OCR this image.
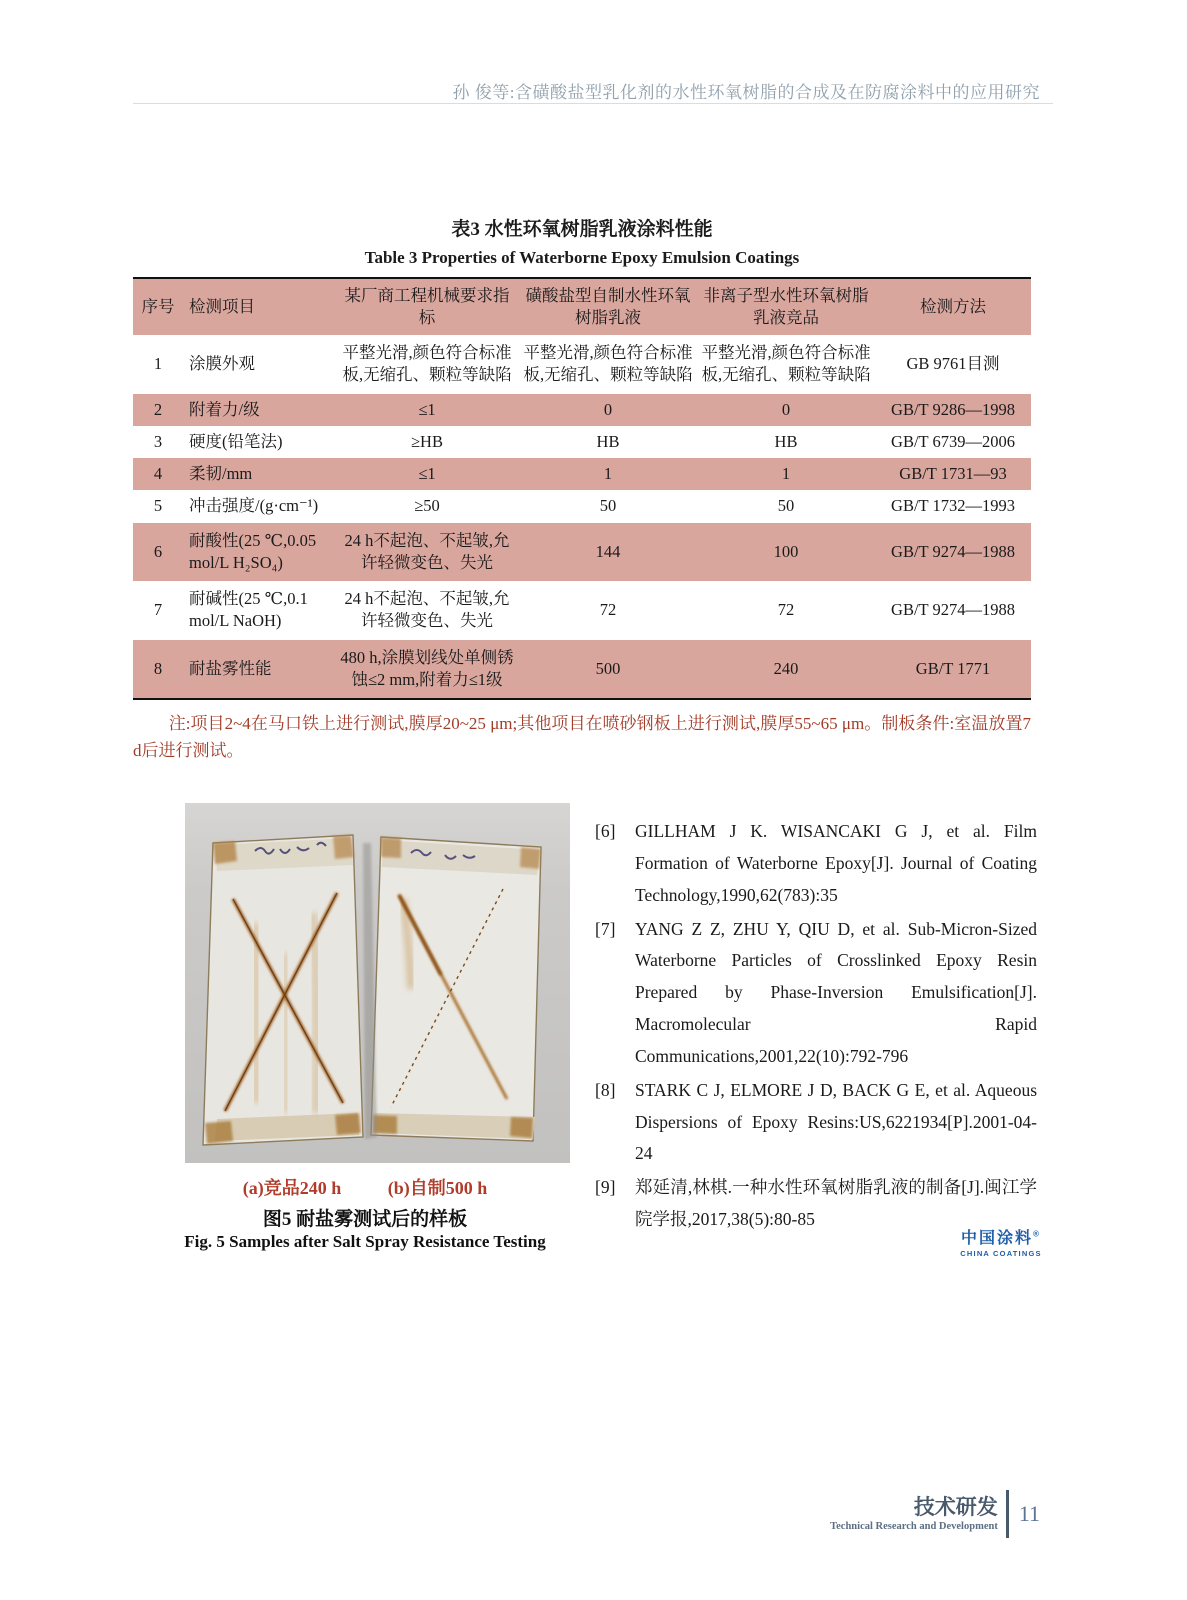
孙 俊等:含磺酸盐型乳化剂的水性环氧树脂的合成及在防腐涂料中的应用研究
表3 水性环氧树脂乳液涂料性能
Table 3 Properties of Waterborne Epoxy Emulsion Coatings
序号	检测项目	某厂商工程机械要求指标	磺酸盐型自制水性环氧树脂乳液	非离子型水性环氧树脂乳液竞品	检测方法
1	涂膜外观	平整光滑,颜色符合标准板,无缩孔、颗粒等缺陷	平整光滑,颜色符合标准板,无缩孔、颗粒等缺陷	平整光滑,颜色符合标准板,无缩孔、颗粒等缺陷	GB 9761目测
2	附着力/级	≤1	0	0	GB/T 9286—1998
3	硬度(铅笔法)	≥HB	HB	HB	GB/T 6739—2006
4	柔韧/mm	≤1	1	1	GB/T 1731—93
5	冲击强度/(g·cm⁻¹)	≥50	50	50	GB/T 1732—1993
6	耐酸性(25 ℃,0.05 mol/L H₂SO₄)	24 h不起泡、不起皱,允许轻微变色、失光	144	100	GB/T 9274—1988
7	耐碱性(25 ℃,0.1 mol/L NaOH)	24 h不起泡、不起皱,允许轻微变色、失光	72	72	GB/T 9274—1988
8	耐盐雾性能	480 h,涂膜划线处单侧锈蚀≤2 mm,附着力≤1级	500	240	GB/T 1771
注:项目2~4在马口铁上进行测试,膜厚20~25 μm;其他项目在喷砂钢板上进行测试,膜厚55~65 μm。制板条件:室温放置7 d后进行测试。
(a)竞品240 h	(b)自制500 h
图5 耐盐雾测试后的样板
Fig. 5 Samples after Salt Spray Resistance Testing
[6] GILLHAM J K. WISANCAKI G J, et al. Film Formation of Waterborne Epoxy[J]. Journal of Coating Technology,1990,62(783):35
[7] YANG Z Z, ZHU Y, QIU D, et al. Sub-Micron-Sized Waterborne Particles of Crosslinked Epoxy Resin Prepared by Phase-Inversion Emulsification[J]. Macromolecular Rapid Communications,2001,22(10):792-796
[8] STARK C J, ELMORE J D, BACK G E, et al. Aqueous Dispersions of Epoxy Resins:US,6221934[P].2001-04-24
[9] 郑延清,林棋.一种水性环氧树脂乳液的制备[J].闽江学院学报,2017,38(5):80-85
中国涂料®
CHINA COATINGS
技术研发
Technical Research and Development
11
